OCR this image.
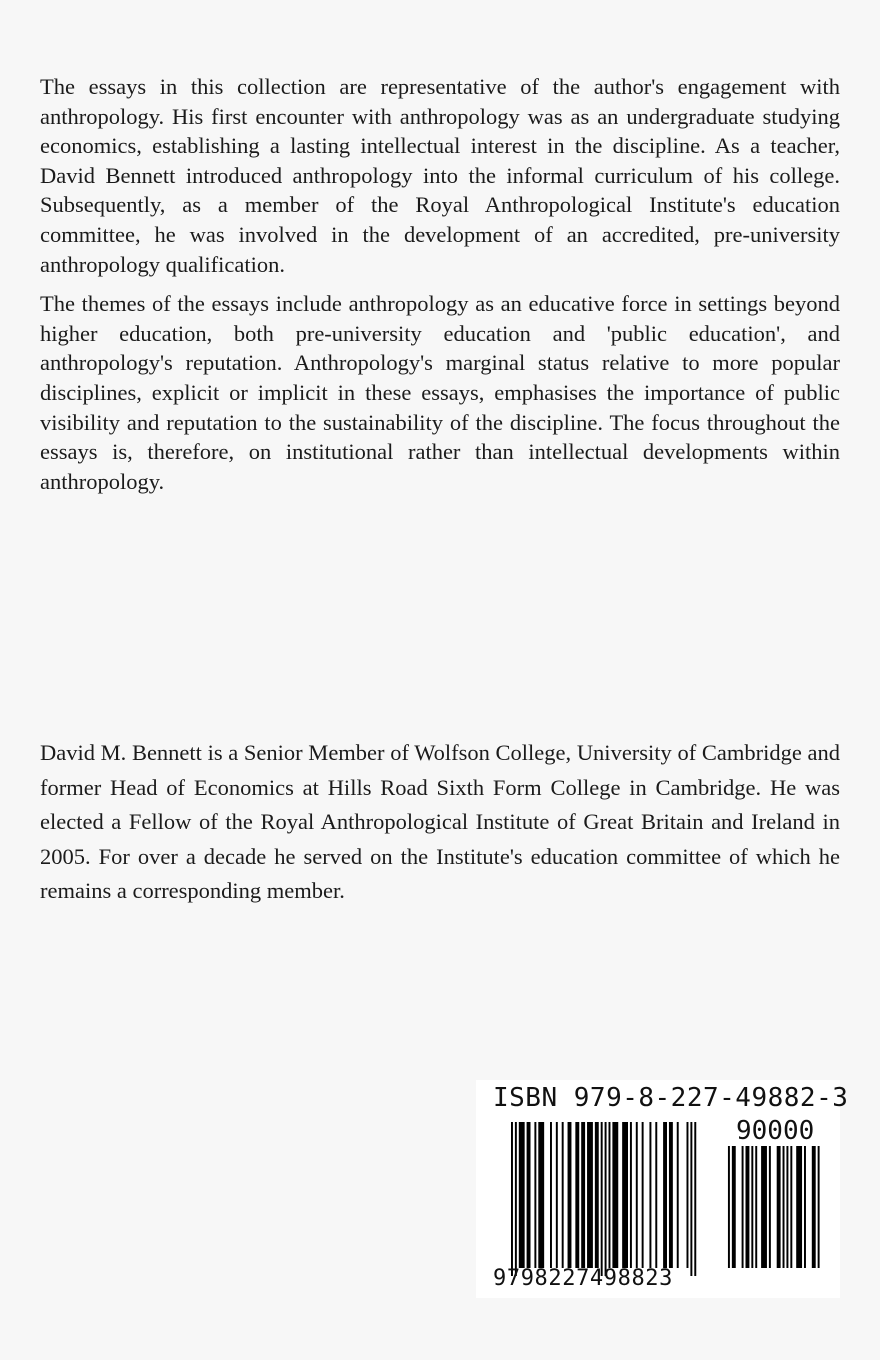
The essays in this collection are representative of the author's engagement with anthropology. His first encounter with anthropology was as an undergraduate studying economics, establishing a lasting intellectual interest in the discipline. As a teacher, David Bennett introduced anthropology into the informal curriculum of his college. Subsequently, as a member of the Royal Anthropological Institute's education committee, he was involved in the development of an accredited, pre-university anthropology qualification.

The themes of the essays include anthropology as an educative force in settings beyond higher education, both pre-university education and 'public education', and anthropology's reputation. Anthropology's marginal status relative to more popular disciplines, explicit or implicit in these essays, emphasises the importance of public visibility and reputation to the sustainability of the discipline. The focus throughout the essays is, therefore, on institutional rather than intellectual developments within anthropology.

David M. Bennett is a Senior Member of Wolfson College, University of Cambridge and former Head of Economics at Hills Road Sixth Form College in Cambridge. He was elected a Fellow of the Royal Anthropological Institute of Great Britain and Ireland in 2005. For over a decade he served on the Institute's education committee of which he remains a corresponding member.

ISBN 979-8-227-49882-3
90000
9798227498823
